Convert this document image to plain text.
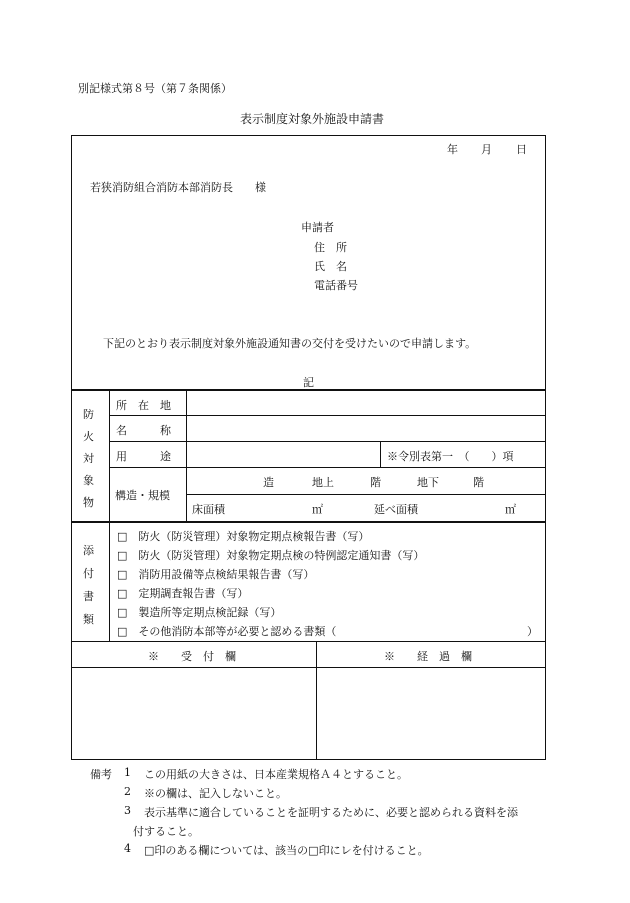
別記様式第８号（第７条関係）
表示制度対象外施設申請書
年 月 日
若狭消防組合消防本部消防長　　様
申請者
住　所
氏　名
電話番号
下記のとおり表示制度対象外施設通知書の交付を受けたいので申請します。
記
防
火
対
象
物
所　在　地
名　　　称
用　　　途	※令別表第一　（　　）項
構造・規模
造	地上	階	地下	階
床面積	㎡	延べ面積	㎡
添
付
書
類
□　防火（防災管理）対象物定期点検報告書（写）
□　防火（防災管理）対象物定期点検の特例認定通知書（写）
□　消防用設備等点検結果報告書（写）
□　定期調査報告書（写）
□　製造所等定期点検記録（写）
□　その他消防本部等が必要と認める書類（	）
※　　受　付　欄	※　　経　過　欄
備考 1 この用紙の大きさは、日本産業規格Ａ４とすること。
2 ※の欄は、記入しないこと。
3 表示基準に適合していることを証明するために、必要と認められる資料を添
付すること。
4 □印のある欄については、該当の□印にレを付けること。
